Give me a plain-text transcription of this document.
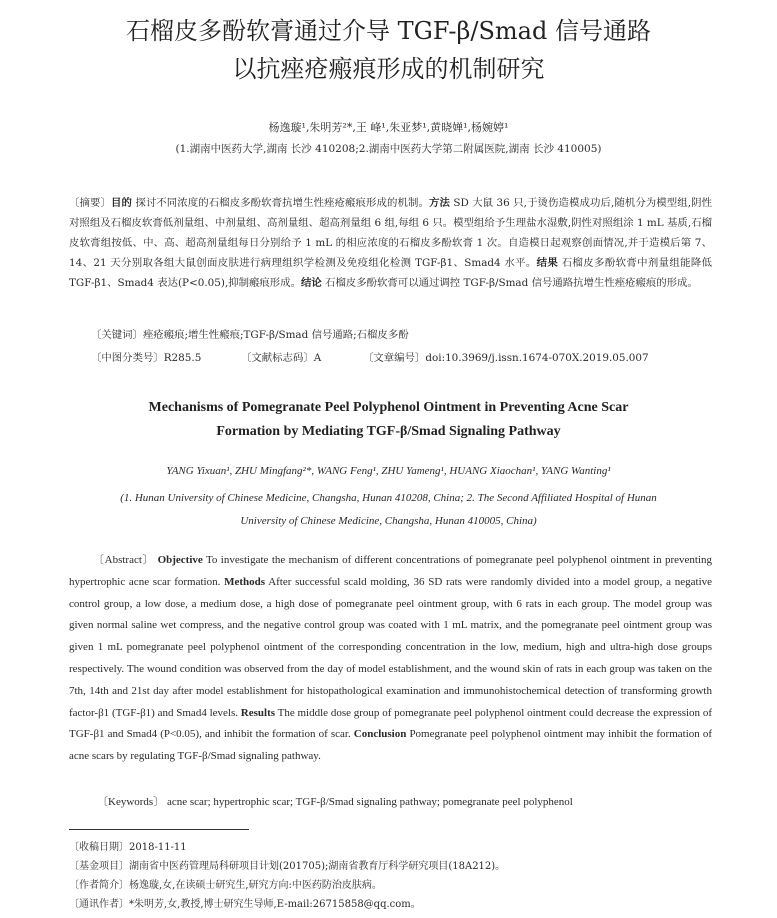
石榴皮多酚软膏通过介导 TGF-β/Smad 信号通路
以抗痤疮瘢痕形成的机制研究
杨逸璇¹,朱明芳²*,王 峰¹,朱亚梦¹,黄晓婵¹,杨婉婷¹
(1.湖南中医药大学,湖南 长沙 410208;2.湖南中医药大学第二附属医院,湖南 长沙 410005)
〔摘要〕目的 探讨不同浓度的石榴皮多酚软膏抗增生性痤疮瘢痕形成的机制。方法 SD 大鼠 36 只,于烫伤造模成功后,随机分为模型组,阴性对照组及石榴皮软膏低剂量组、中剂量组、高剂量组、超高剂量组 6 组,每组 6 只。模型组给予生理盐水湿敷,阴性对照组涂 1 mL 基质,石榴皮软膏组按低、中、高、超高剂量组每日分别给予 1 mL 的相应浓度的石榴皮多酚软膏 1 次。自造模日起观察创面情况,并于造模后第 7、14、21 天分别取各组大鼠创面皮肤进行病理组织学检测及免疫组化检测 TGF-β1、Smad4 水平。结果 石榴皮多酚软膏中剂量组能降低 TGF-β1、Smad4 表达(P<0.05),抑制瘢痕形成。结论 石榴皮多酚软膏可以通过调控 TGF-β/Smad 信号通路抗增生性痤疮瘢痕的形成。
〔关键词〕痤疮瘢痕;增生性瘢痕;TGF-β/Smad 信号通路;石榴皮多酚
〔中图分类号〕R285.5	〔文献标志码〕A	〔文章编号〕doi:10.3969/j.issn.1674-070X.2019.05.007
Mechanisms of Pomegranate Peel Polyphenol Ointment in Preventing Acne Scar
Formation by Mediating TGF-β/Smad Signaling Pathway
YANG Yixuan¹, ZHU Mingfang²*, WANG Feng¹, ZHU Yameng¹, HUANG Xiaochan¹, YANG Wanting¹
(1. Hunan University of Chinese Medicine, Changsha, Hunan 410208, China; 2. The Second Affiliated Hospital of Hunan
University of Chinese Medicine, Changsha, Hunan 410005, China)
〔Abstract〕 Objective To investigate the mechanism of different concentrations of pomegranate peel polyphenol ointment in preventing hypertrophic acne scar formation. Methods After successful scald molding, 36 SD rats were randomly divided into a model group, a negative control group, a low dose, a medium dose, a high dose of pomegranate peel ointment group, with 6 rats in each group. The model group was given normal saline wet compress, and the negative control group was coated with 1 mL matrix, and the pomegranate peel ointment group was given 1 mL pomegranate peel polyphenol ointment of the corresponding concentration in the low, medium, high and ultra-high dose groups respectively. The wound condition was observed from the day of model establishment, and the wound skin of rats in each group was taken on the 7th, 14th and 21st day after model establishment for histopathological examination and immunohistochemical detection of transforming growth factor-β1 (TGF-β1) and Smad4 levels. Results The middle dose group of pomegranate peel polyphenol ointment could decrease the expression of TGF-β1 and Smad4 (P<0.05), and inhibit the formation of scar. Conclusion Pomegranate peel polyphenol ointment may inhibit the formation of acne scars by regulating TGF-β/Smad signaling pathway.
〔Keywords〕 acne scar; hypertrophic scar; TGF-β/Smad signaling pathway; pomegranate peel polyphenol
〔收稿日期〕2018-11-11
〔基金项目〕湖南省中医药管理局科研项目计划(201705);湖南省教育厅科学研究项目(18A212)。
〔作者简介〕杨逸璇,女,在读硕士研究生,研究方向:中医药防治皮肤病。
〔通讯作者〕*朱明芳,女,教授,博士研究生导师,E-mail:26715858@qq.com。
